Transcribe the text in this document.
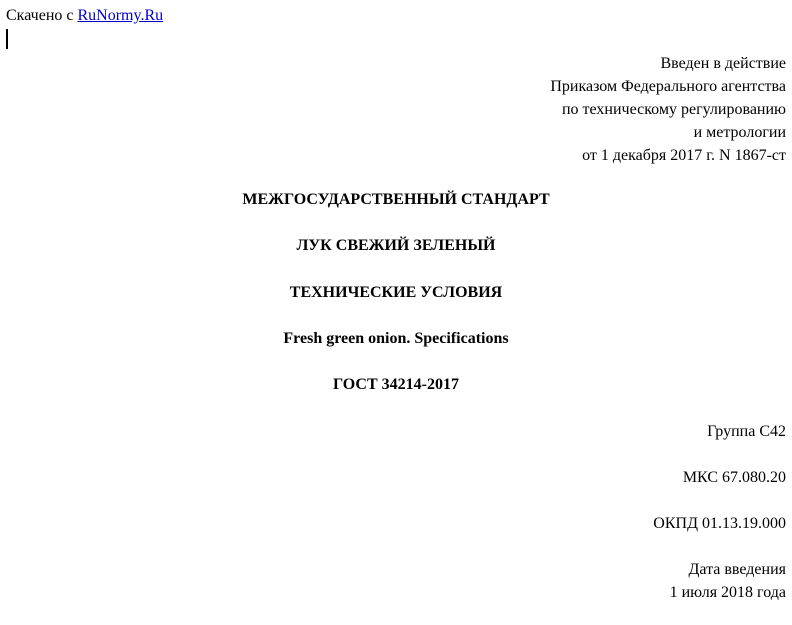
Скачено с RuNormy.Ru
Введен в действие
Приказом Федерального агентства
по техническому регулированию
и метрологии
от 1 декабря 2017 г. N 1867-ст
МЕЖГОСУДАРСТВЕННЫЙ СТАНДАРТ
ЛУК СВЕЖИЙ ЗЕЛЕНЫЙ
ТЕХНИЧЕСКИЕ УСЛОВИЯ
Fresh green onion. Specifications
ГОСТ 34214-2017
Группа С42
МКС 67.080.20
ОКПД 01.13.19.000
Дата введения
1 июля 2018 года
